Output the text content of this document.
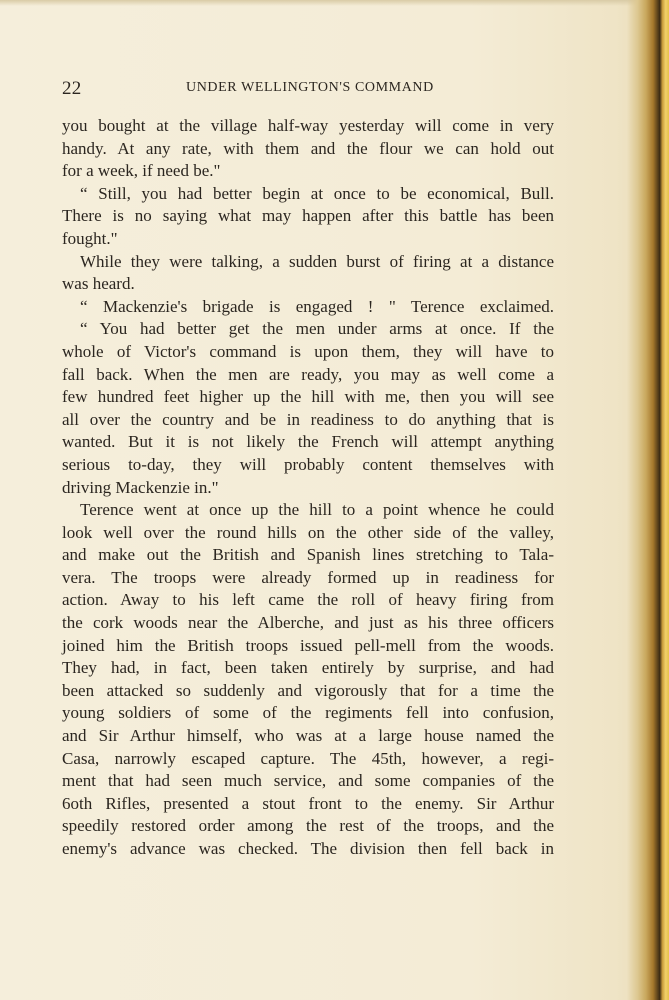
22	UNDER WELLINGTON'S COMMAND
you bought at the village half-way yesterday will come in very
handy. At any rate, with them and the flour we can hold out
for a week, if need be."
“ Still, you had better begin at once to be economical, Bull.
There is no saying what may happen after this battle has been
fought."
While they were talking, a sudden burst of firing at a distance
was heard.
“ Mackenzie's brigade is engaged ! " Terence exclaimed.
“ You had better get the men under arms at once. If the
whole of Victor's command is upon them, they will have to
fall back. When the men are ready, you may as well come a
few hundred feet higher up the hill with me, then you will see
all over the country and be in readiness to do anything that is
wanted. But it is not likely the French will attempt anything
serious to-day, they will probably content themselves with
driving Mackenzie in."
Terence went at once up the hill to a point whence he could
look well over the round hills on the other side of the valley,
and make out the British and Spanish lines stretching to Tala-
vera. The troops were already formed up in readiness for
action. Away to his left came the roll of heavy firing from
the cork woods near the Alberche, and just as his three officers
joined him the British troops issued pell-mell from the woods.
They had, in fact, been taken entirely by surprise, and had
been attacked so suddenly and vigorously that for a time the
young soldiers of some of the regiments fell into confusion,
and Sir Arthur himself, who was at a large house named the
Casa, narrowly escaped capture. The 45th, however, a regi-
ment that had seen much service, and some companies of the
6oth Rifles, presented a stout front to the enemy. Sir Arthur
speedily restored order among the rest of the troops, and the
enemy's advance was checked. The division then fell back in
